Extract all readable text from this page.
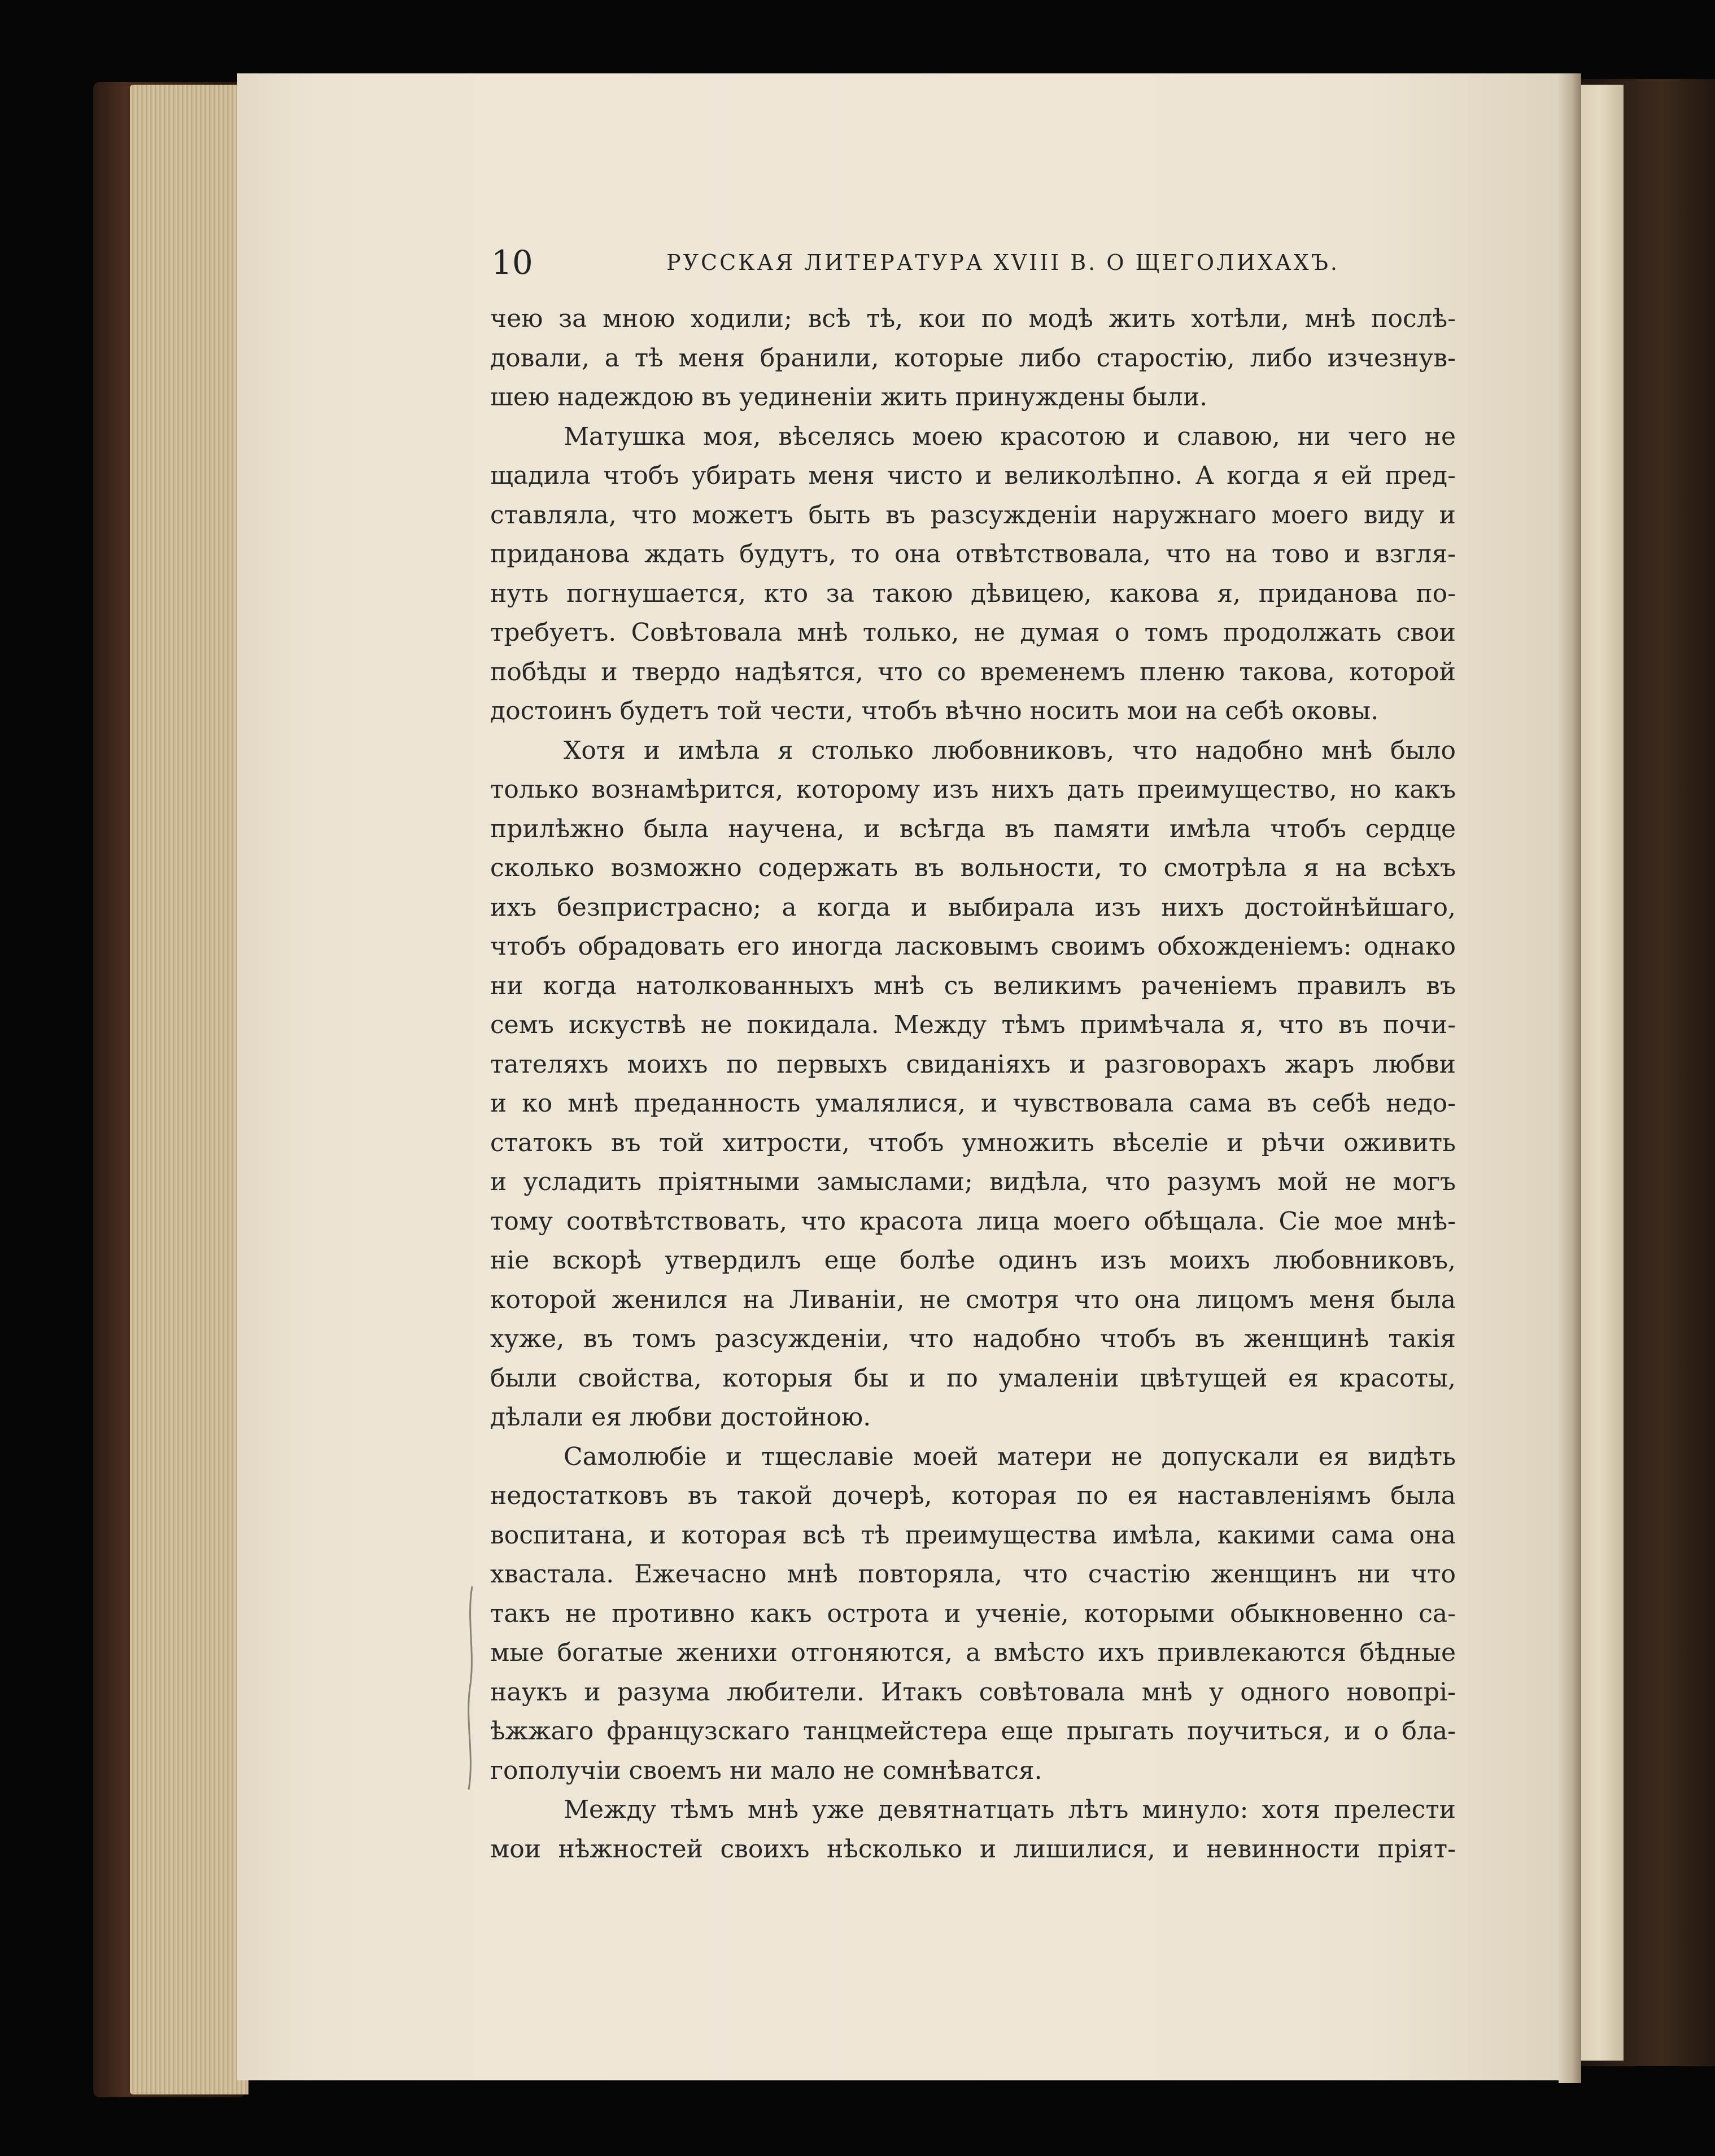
10	РУССКАЯ ЛИТЕРАТУРА XVIII В. О ЩЕГОЛИХАХЪ.
чею за мною ходили; всѣ тѣ, кои по модѣ жить хотѣли, мнѣ послѣ-
довали, а тѣ меня бранили, которые либо старостію, либо изчезнув-
шею надеждою въ уединеніи жить принуждены были.
Матушка моя, вѣселясь моею красотою и славою, ни чего не
щадила чтобъ убирать меня чисто и великолѣпно. А когда я ей пред-
ставляла, что можетъ быть въ разсужденіи наружнаго моего виду и
приданова ждать будутъ, то она отвѣтствовала, что на тово и взгля-
нуть погнушается, кто за такою дѣвицею, какова я, приданова по-
требуетъ. Совѣтовала мнѣ только, не думая о томъ продолжать свои
побѣды и твердо надѣятся, что со временемъ пленю такова, которой
достоинъ будетъ той чести, чтобъ вѣчно носить мои на себѣ оковы.
Хотя и имѣла я столько любовниковъ, что надобно мнѣ было
только вознамѣрится, которому изъ нихъ дать преимущество, но какъ
прилѣжно была научена, и всѣгда въ памяти имѣла чтобъ сердце
сколько возможно содержать въ вольности, то смотрѣла я на всѣхъ
ихъ безпристрасно; а когда и выбирала изъ нихъ достойнѣйшаго,
чтобъ обрадовать его иногда ласковымъ своимъ обхожденіемъ: однако
ни когда натолкованныхъ мнѣ съ великимъ раченіемъ правилъ въ
семъ искуствѣ не покидала. Между тѣмъ примѣчала я, что въ почи-
тателяхъ моихъ по первыхъ свиданіяхъ и разговорахъ жаръ любви
и ко мнѣ преданность умалялися, и чувствовала сама въ себѣ недо-
статокъ въ той хитрости, чтобъ умножить вѣселіе и рѣчи оживить
и усладить пріятными замыслами; видѣла, что разумъ мой не могъ
тому соотвѣтствовать, что красота лица моего обѣщала. Сіе мое мнѣ-
ніе вскорѣ утвердилъ еще болѣе одинъ изъ моихъ любовниковъ,
которой женился на Ливаніи, не смотря что она лицомъ меня была
хуже, въ томъ разсужденіи, что надобно чтобъ въ женщинѣ такія
были свойства, которыя бы и по умаленіи цвѣтущей ея красоты,
дѣлали ея любви достойною.
Самолюбіе и тщеславіе моей матери не допускали ея видѣть
недостатковъ въ такой дочерѣ, которая по ея наставленіямъ была
воспитана, и которая всѣ тѣ преимущества имѣла, какими сама она
хвастала. Ежечасно мнѣ повторяла, что счастію женщинъ ни что
такъ не противно какъ острота и ученіе, которыми обыкновенно са-
мые богатые женихи отгоняются, а вмѣсто ихъ привлекаются бѣдные
наукъ и разума любители. Итакъ совѣтовала мнѣ у одного новопрі-
ѣжжаго французскаго танцмейстера еще прыгать поучиться, и о бла-
гополучіи своемъ ни мало не сомнѣватся.
Между тѣмъ мнѣ уже девятнатцать лѣтъ минуло: хотя прелести
мои нѣжностей своихъ нѣсколько и лишилися, и невинности пріят-
